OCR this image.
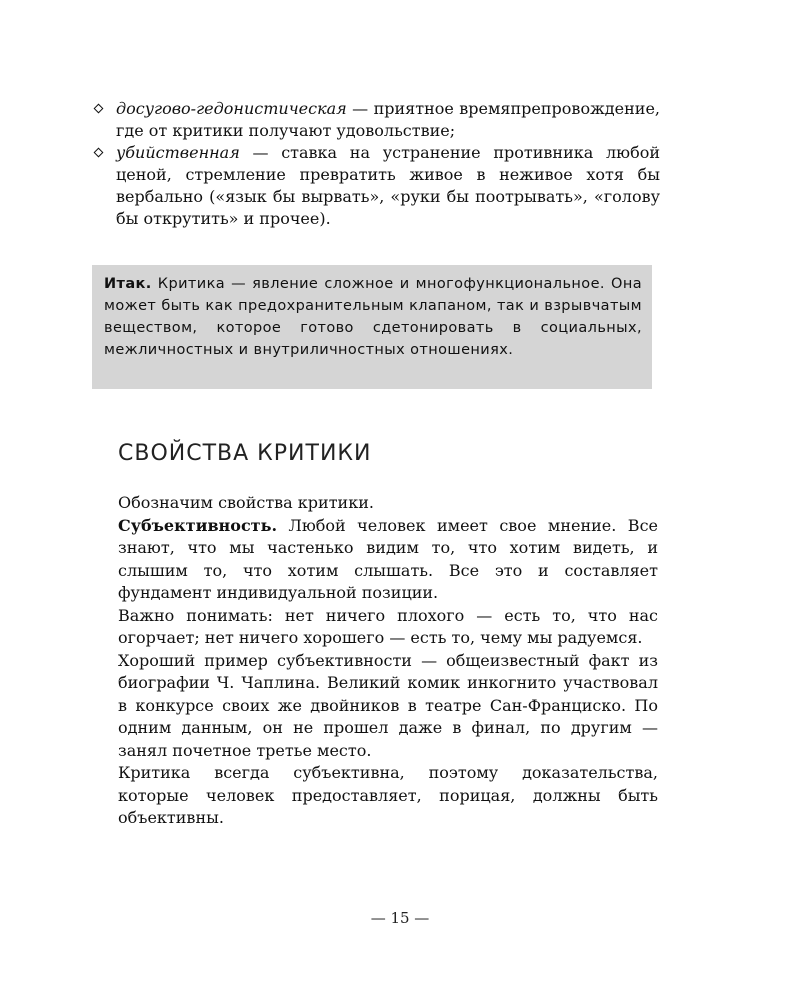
досугово-гедонистическая — приятное времяпрепровождение, где от критики получают удовольствие;
убийственная — ставка на устранение противника любой ценой, стремление превратить живое в неживое хотя бы вербально («язык бы вырвать», «руки бы поотрывать», «голову бы открутить» и прочее).
Итак. Критика — явление сложное и многофункциональное. Она может быть как предохранительным клапаном, так и взрывчатым веществом, которое готово сдетонировать в социальных, межличностных и внутриличностных отношениях.
СВОЙСТВА КРИТИКИ

Обозначим свойства критики.

Субъективность. Любой человек имеет свое мнение. Все знают, что мы частенько видим то, что хотим видеть, и слышим то, что хотим слышать. Все это и составляет фундамент индивидуальной позиции.

Важно понимать: нет ничего плохого — есть то, что нас огорчает; нет ничего хорошего — есть то, чему мы радуемся.

Хороший пример субъективности — общеизвестный факт из биографии Ч. Чаплина. Великий комик инкогнито участвовал в конкурсе своих же двойников в театре Сан-Франциско. По одним данным, он не прошел даже в финал, по другим — занял почетное третье место.

Критика всегда субъективна, поэтому доказательства, которые человек предоставляет, порицая, должны быть объективны.

— 15 —
